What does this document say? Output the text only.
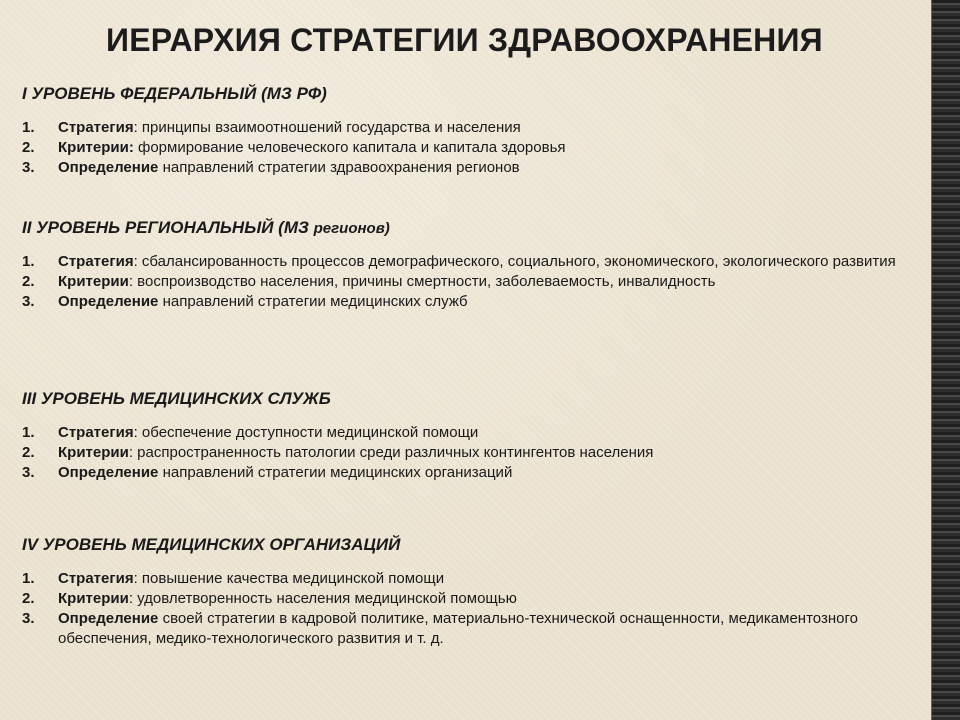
ИЕРАРХИЯ СТРАТЕГИИ ЗДРАВООХРАНЕНИЯ
I УРОВЕНЬ ФЕДЕРАЛЬНЫЙ (МЗ РФ)
1. Стратегия: принципы взаимоотношений государства и населения
2. Критерии: формирование человеческого капитала и капитала здоровья
3. Определение направлений стратегии здравоохранения регионов
II УРОВЕНЬ РЕГИОНАЛЬНЫЙ (МЗ регионов)
1. Стратегия: сбалансированность процессов демографического, социального, экономического, экологического развития
2. Критерии: воспроизводство населения, причины смертности, заболеваемость, инвалидность
3. Определение направлений стратегии медицинских служб
III УРОВЕНЬ МЕДИЦИНСКИХ СЛУЖБ
1. Стратегия: обеспечение доступности медицинской помощи
2. Критерии: распространенность патологии среди различных контингентов населения
3. Определение направлений стратегии медицинских организаций
IV УРОВЕНЬ МЕДИЦИНСКИХ ОРГАНИЗАЦИЙ
1. Стратегия: повышение качества медицинской помощи
2. Критерии: удовлетворенность населения медицинской помощью
3. Определение своей стратегии в кадровой политике, материально-технической оснащенности, медикаментозного обеспечения, медико-технологического развития и т. д.
